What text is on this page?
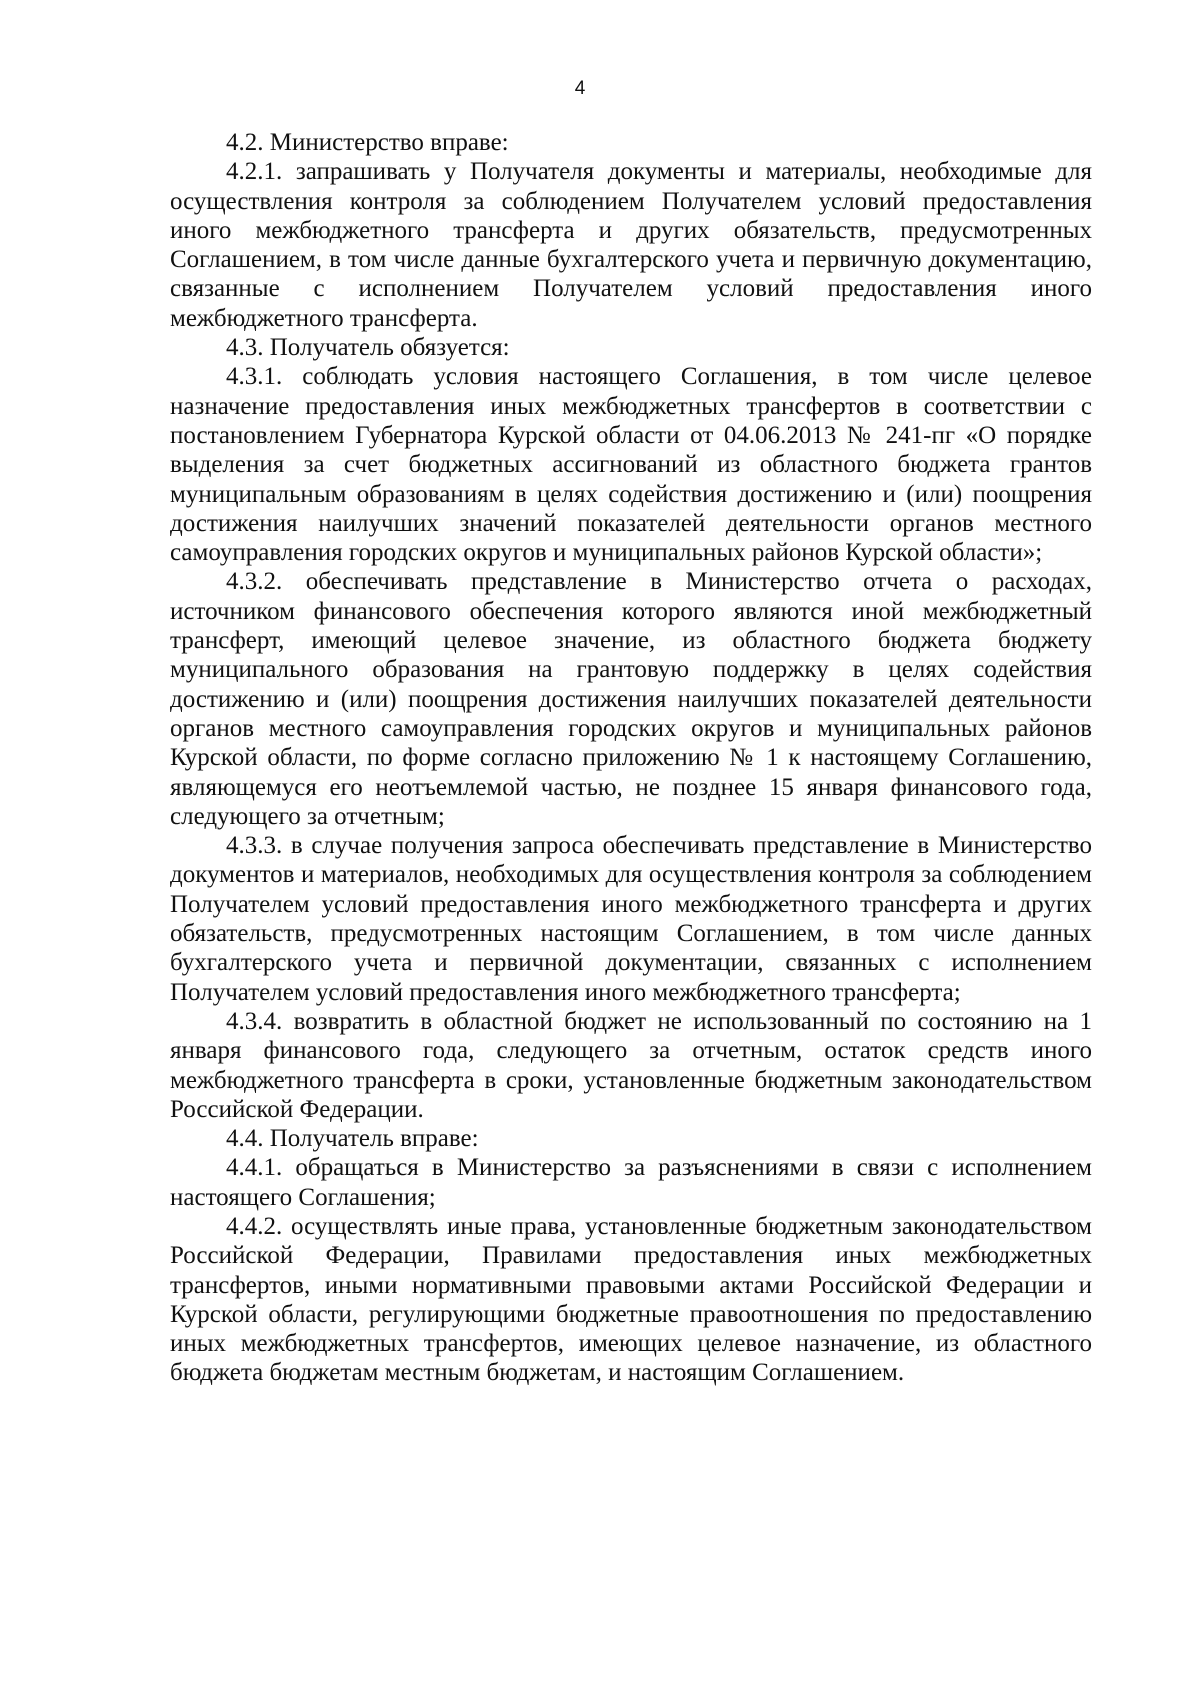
4

4.2. Министерство вправе:

4.2.1. запрашивать у Получателя документы и материалы, необходимые для осуществления контроля за соблюдением Получателем условий предоставления иного межбюджетного трансферта и других обязательств, предусмотренных Соглашением, в том числе данные бухгалтерского учета и первичную документацию, связанные с исполнением Получателем условий предоставления иного межбюджетного трансферта.

4.3. Получатель обязуется:

4.3.1. соблюдать условия настоящего Соглашения, в том числе целевое назначение предоставления иных межбюджетных трансфертов в соответствии с постановлением Губернатора Курской области от 04.06.2013 № 241-пг «О порядке выделения за счет бюджетных ассигнований из областного бюджета грантов муниципальным образованиям в целях содействия достижению и (или) поощрения достижения наилучших значений показателей деятельности органов местного самоуправления городских округов и муниципальных районов Курской области»;

4.3.2. обеспечивать представление в Министерство отчета о расходах, источником финансового обеспечения которого являются иной межбюджетный трансферт, имеющий целевое значение, из областного бюджета бюджету муниципального образования на грантовую поддержку в целях содействия достижению и (или) поощрения достижения наилучших показателей деятельности органов местного самоуправления городских округов и муниципальных районов Курской области, по форме согласно приложению № 1 к настоящему Соглашению, являющемуся его неотъемлемой частью, не позднее 15 января финансового года, следующего за отчетным;

4.3.3. в случае получения запроса обеспечивать представление в Министерство документов и материалов, необходимых для осуществления контроля за соблюдением Получателем условий предоставления иного межбюджетного трансферта и других обязательств, предусмотренных настоящим Соглашением, в том числе данных бухгалтерского учета и первичной документации, связанных с исполнением Получателем условий предоставления иного межбюджетного трансферта;

4.3.4. возвратить в областной бюджет не использованный по состоянию на 1 января финансового года, следующего за отчетным, остаток средств иного межбюджетного трансферта в сроки, установленные бюджетным законодательством Российской Федерации.

4.4. Получатель вправе:

4.4.1. обращаться в Министерство за разъяснениями в связи с исполнением настоящего Соглашения;

4.4.2. осуществлять иные права, установленные бюджетным законодательством Российской Федерации, Правилами предоставления иных межбюджетных трансфертов, иными нормативными правовыми актами Российской Федерации и Курской области, регулирующими бюджетные правоотношения по предоставлению иных межбюджетных трансфертов, имеющих целевое назначение, из областного бюджета бюджетам местным бюджетам, и настоящим Соглашением.
